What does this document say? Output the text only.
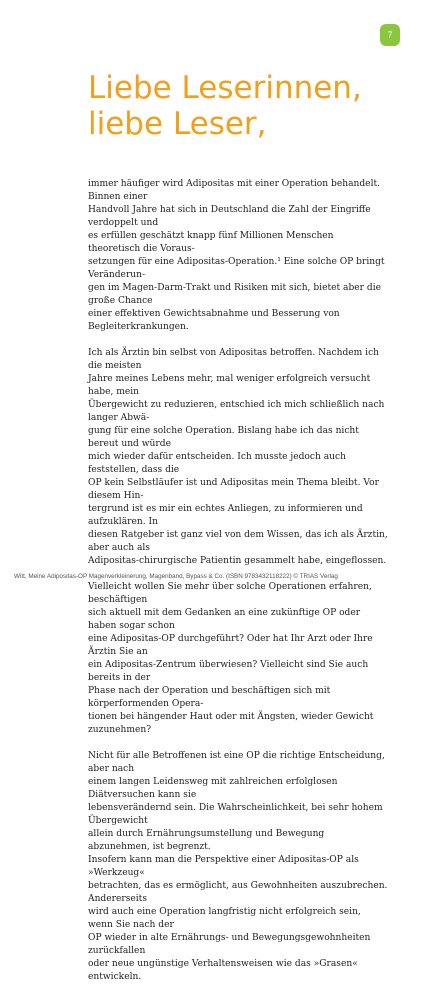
7
Liebe Leserinnen,
liebe Leser,

immer häufiger wird Adipositas mit einer Operation behandelt. Binnen einer
Handvoll Jahre hat sich in Deutschland die Zahl der Eingriffe verdoppelt und
es erfüllen geschätzt knapp fünf Millionen Menschen theoretisch die Voraus-
setzungen für eine Adipositas-Operation.¹ Eine solche OP bringt Veränderun-
gen im Magen-Darm-Trakt und Risiken mit sich, bietet aber die große Chance
einer effektiven Gewichtsabnahme und Besserung von Begleiterkrankungen.

Ich als Ärztin bin selbst von Adipositas betroffen. Nachdem ich die meisten
Jahre meines Lebens mehr, mal weniger erfolgreich versucht habe, mein
Übergewicht zu reduzieren, entschied ich mich schließlich nach langer Abwä-
gung für eine solche Operation. Bislang habe ich das nicht bereut und würde
mich wieder dafür entscheiden. Ich musste jedoch auch feststellen, dass die
OP kein Selbstläufer ist und Adipositas mein Thema bleibt. Vor diesem Hin-
tergrund ist es mir ein echtes Anliegen, zu informieren und aufzuklären. In
diesen Ratgeber ist ganz viel von dem Wissen, das ich als Ärztin, aber auch als
Adipositas-chirurgische Patientin gesammelt habe, eingeflossen.

Vielleicht wollen Sie mehr über solche Operationen erfahren, beschäftigen
sich aktuell mit dem Gedanken an eine zukünftige OP oder haben sogar schon
eine Adipositas-OP durchgeführt? Oder hat Ihr Arzt oder Ihre Ärztin Sie an
ein Adipositas-Zentrum überwiesen? Vielleicht sind Sie auch bereits in der
Phase nach der Operation und beschäftigen sich mit körperformenden Opera-
tionen bei hängender Haut oder mit Ängsten, wieder Gewicht zuzunehmen?

Nicht für alle Betroffenen ist eine OP die richtige Entscheidung, aber nach
einem langen Leidensweg mit zahlreichen erfolglosen Diätversuchen kann sie
lebensverändernd sein. Die Wahrscheinlichkeit, bei sehr hohem Übergewicht
allein durch Ernährungsumstellung und Bewegung abzunehmen, ist begrenzt.
Insofern kann man die Perspektive einer Adipositas-OP als »Werkzeug«
betrachten, das es ermöglicht, aus Gewohnheiten auszubrechen. Andererseits
wird auch eine Operation langfristig nicht erfolgreich sein, wenn Sie nach der
OP wieder in alte Ernährungs- und Bewegungsgewohnheiten zurückfallen
oder neue ungünstige Verhaltensweisen wie das »Grasen« entwickeln.

Witt, Meine Adipositas-OP Magenverkleinerung, Magenband, Bypass & Co. (ISBN 9783432118222) © TRIAS Verlag
